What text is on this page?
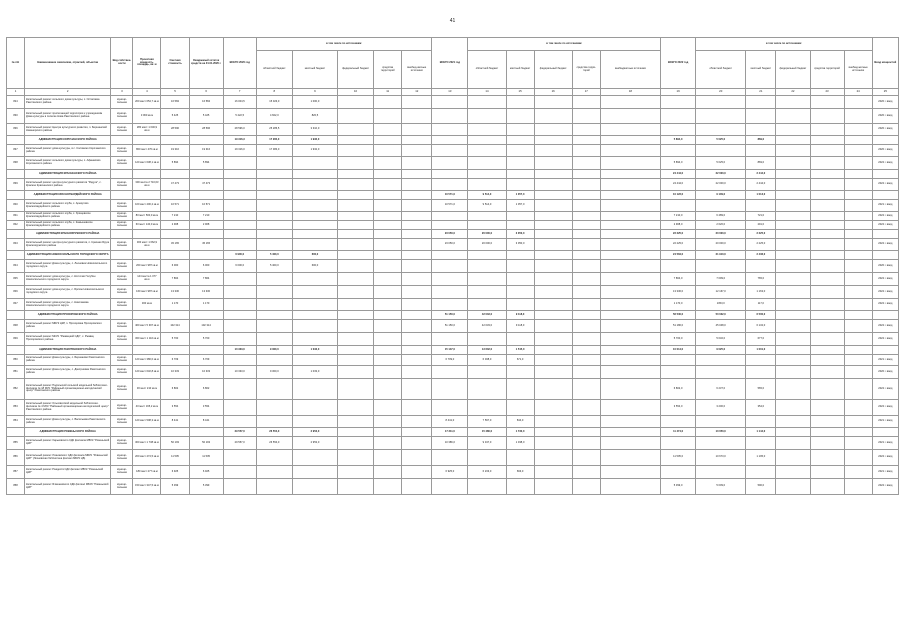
41
№ п/п	Наименование заказчиков, отраслей, объектов	Вид собствен-ности	Проектная мощность, площадь, кв. м	Сметная стоимость	Ожидаемый остаток средств на 01.01.2020 г.	ВСЕГО 2020 год	в том числе по источникам:					ВСЕГО 2021 год	в том числе по источникам:					ВСЕГО 2022 год	в том числе по источникам:					Ввод мощностей
							областной бюджет	местный бюджет	федеральный бюджет	средства территорий	внебюд-жетные источники		областной бюджет	местный бюджет	федеральный бюджет	средства терри-торий	внебюджетные источники		областной бюджет	местный бюджет	федеральный бюджет	средства территорий	внебюд-жетные источники	
1	2	3	4	5	6	7	8	9	10	11	12	13	14	15	16	17	18	19	20	21	22	23	24	25
824	Капитальный ремонт сельского дома культуры, с. Остаповка Ракитянского района	муници-пальная	200 мест 654,7 кв.м	16 584	16 584	16 004,5	15 023,0	1 000,0																2020 г. ввод
830	Капитальный ремонт прилегающей территории к учреждениям Дома культуры в поселке Нова Ракитянского района	муници-пальная	3 060 кв.м	5 425	5 425	5 422,5	4 602,0	820,5																2020 г. ввод
836	Капитальный ремонт Центра культурного развития, п. Бершанский Никанорского района	муници-пальная	280 мест 1 046,9 кв.м	28 596	28 596	28 596,0	25 286,5	3 310,0																2020 г. ввод
	АДМИНИСТРАЦИЯ КОРОЧАНСКОГО РАЙОНА					19 316,3	17 284,0	1 932,0										5 894,0	5 025,0	869,0				
837	Капитальный ремонт дома культуры, в с. Соломино Корочанского района	муници-пальная	800 мест 470 кв.м	19 316	19 316	19 316,0	17 384,0	1 932,0																2020 г. ввод
838	Капитальный ремонт сельского дома культуры, с. Афанасово Корочанского района	муници-пальная	120 мест 638,1 кв.м	5 894	5 894													5 894,0	5 025,0	869,0				2022 г. ввод
	АДМИНИСТРАЦИЯ КРАСНЕНСКОГО РАЙОНА																	24 444,0	22 000,0	2 444,0				
839	Капитальный ремонт центра культурного развития "Радуга", с. Красное Красненского района	муници-пальная	300 места 2 710,63 кв.м	47 473	47 473													24 444,0	22 000,0	2 444,0				2022 г. ввод
	АДМИНИСТРАЦИЯ КРАСНОГВАРДЕЙСКОГО РАЙОНА											10 571,0	9 514,0	1 057,0				10 122,0	9 109,0	1 013,0				
840	Капитальный ремонт сельского клуба, с. Арнаутово Красногвардейского района	муници-пальная	100 мест 400,2 кв.м	10 571	10 571							10 571,0	9 514,0	1 057,0										2021 г. ввод
841	Капитальный ремонт сельского клуба, с. Хрящеватое Красногвардейского района	муници-пальная	80 мест 500,0 кв.м	7 210	7 210													7 210,0	6 489,0	721,0				2022 г. ввод
842	Капитальный ремонт сельского клуба, с. Камышеватое Красногвардейского района	муници-пальная	60 мест 140,0 кв.м	2 908	2 908													2 908,0	2 620,0	291,0				2022 г. ввод
	АДМИНИСТРАЦИЯ КРАСНОЯРУЖСКОГО РАЙОНА											23 050,0	20 000,0	3 050,0				22 225,0	20 000,0	2 225,0				
843	Капитальный ремонт центра культурного развития, п. Красная Яруга Краснояружского района	муници-пальная	300 мест 1 662,9 кв.м	45 165	45 165							23 050,0	20 000,0	3 050,0				22 225,0	20 000,0	2 225,0				2022 г. ввод
	АДМИНИСТРАЦИЯ НОВООСКОЛЬСКОГО ГОРОДСКОГО ОКРУГА					6 900,0	5 400,0	600,0										24 584,0	21 910,0	2 436,0				
844	Капитальный ремонт Дома культуры, с. Леоновка Новооскольского городского округа	муници-пальная	200 мест 987 кв.м	6 000	6 000	6 000,0	5 400,0	600,0																2020 г. ввод
845	Капитальный ремонт дома культуры, с. Косточки Голубин Новооскольского городского округа	муници-пальная	144 места 1 077 кв.м	7 864	7 864													7 864,0	7 099,0	765,0				2022 г. ввод
846	Капитальный ремонт дома культуры, с. Ярское Новооскольского городского округа	муници-пальная	160 мест 987 кв.м	13 330	13 330													13 330,0	12 167,0	1 163,0				2022 г. ввод
847	Капитальный ремонт дома культуры, с. Николаевка Новооскольского городского округа	муници-пальная	300 кв.м	1 170	1 170													1 170,0	1053,0	117,0				2022 г. ввод
	АДМИНИСТРАЦИЯ ПРОХОРОВСКОГО РАЙОНА											51 150,0	42 033,0	9 118,0				56 530,0	50 032,0	6 500,0				
848	Капитальный ремонт МБУК ЦКР, п. Прохоровка Прохоровского района	муници-пальная	460 мест 5 397 кв.м	102 314	102 314							51 150,0	42 033,0	9 118,0				51 180,0	45 048,0	6 132,0				2022 г. ввод
849	Капитальный ремонт МКУК "Ржавецкий СДК", с. Ржавец Прохоровского района	муници-пальная	300 мест 1 116 кв.м	5 700	5 700													5 700,0	5 032,0	677,0				2022 г. ввод
	АДМИНИСТРАЦИЯ РАКИТЯНСКОГО РАЙОНА					10 333,0	9 300,0	1 033,0				15 147,0	13 632,0	1 515,0				10 014,0	9 025,0	1 001,0				
850	Капитальный ремонт Дома культуры, с. Бершаково Ракитянского района	муници-пальная	120 мест 380,0 кв.м	6 709	6 709							6 709,0	6 038,0	671,0										2021 г. ввод
851	Капитальный ремонт Дома культуры, с. Дмитриевка Ракитянского района	муници-пальная	120 мест 632,8 кв.м	10 333	10 333	10 333,0	9 300,0	1 033,0																2020 г. ввод
852	Капитальный ремонт Подольской сельской модельной библиотеки-филиала № 18 МУК "Районный организационно-методический центр" Ракитянского района	муници-пальная	30 мест 210 кв.м	6 802	6 802													6 802,0	6 237,0	565,0				2022 г. ввод
853	Капитальный ремонт Ольховатской модельной библиотеки-филиала № 4 МУК "Районный организационно-методический центр" Ракитянского района	муници-пальная	40 мест 165,2 кв.м	3 554	3 554													3 554,0	3 200,0	354,0				2022 г. ввод
854	Капитальный ремонт Дома культуры, с. Васильевка Ракитянского района	муници-пальная	120 мест 508,3 кв.м	8 441	8 441							8 441,0	7 597,0	844,0										2021 г. ввод
	АДМИНИСТРАЦИЯ РОВЕНЬСКОГО РАЙОНА					29 557,0	26 554,0	2 953,0				17 311,0	15 480,0	1 732,0				11 474,0	10 050,0	1 144,0				
855	Капитальный ремонт Харьковского СДК филиала МБУК "Ровеньский ЦКР"	муници-пальная	300 мест 1 738 кв.м	50 193	50 193	29 557,0	26 554,0	2 953,0				10 386,0	9 347,0	1 038,0										2021 г. ввод
856	Капитальный ремонт Лозновского СДК филиала МБУК "Ровеньский ЦКР" (Лозновская библиотека филиал МБУК ЦБ)	муници-пальная	200 мест 474,5 кв.м	11 505	11 505													11 505,0	10 673,0	1 195,0				2022 г. ввод
857	Капитальный ремонт Рождеств СДК филиал МБУК "Ровеньский ЦКР"	муници-пальная	180 мест 277 кв.м	6 925	6 925							6 925,0	6 233,0	693,0										2021 г. ввод
858	Капитальный ремонт Ячменевского СДК филиал МБУК "Ровеньский ЦКР"	муници-пальная	150 мест 347,5 кв.м	5 399	5 399													5 399,0	5 009,0	590,0				2022 г. ввод
